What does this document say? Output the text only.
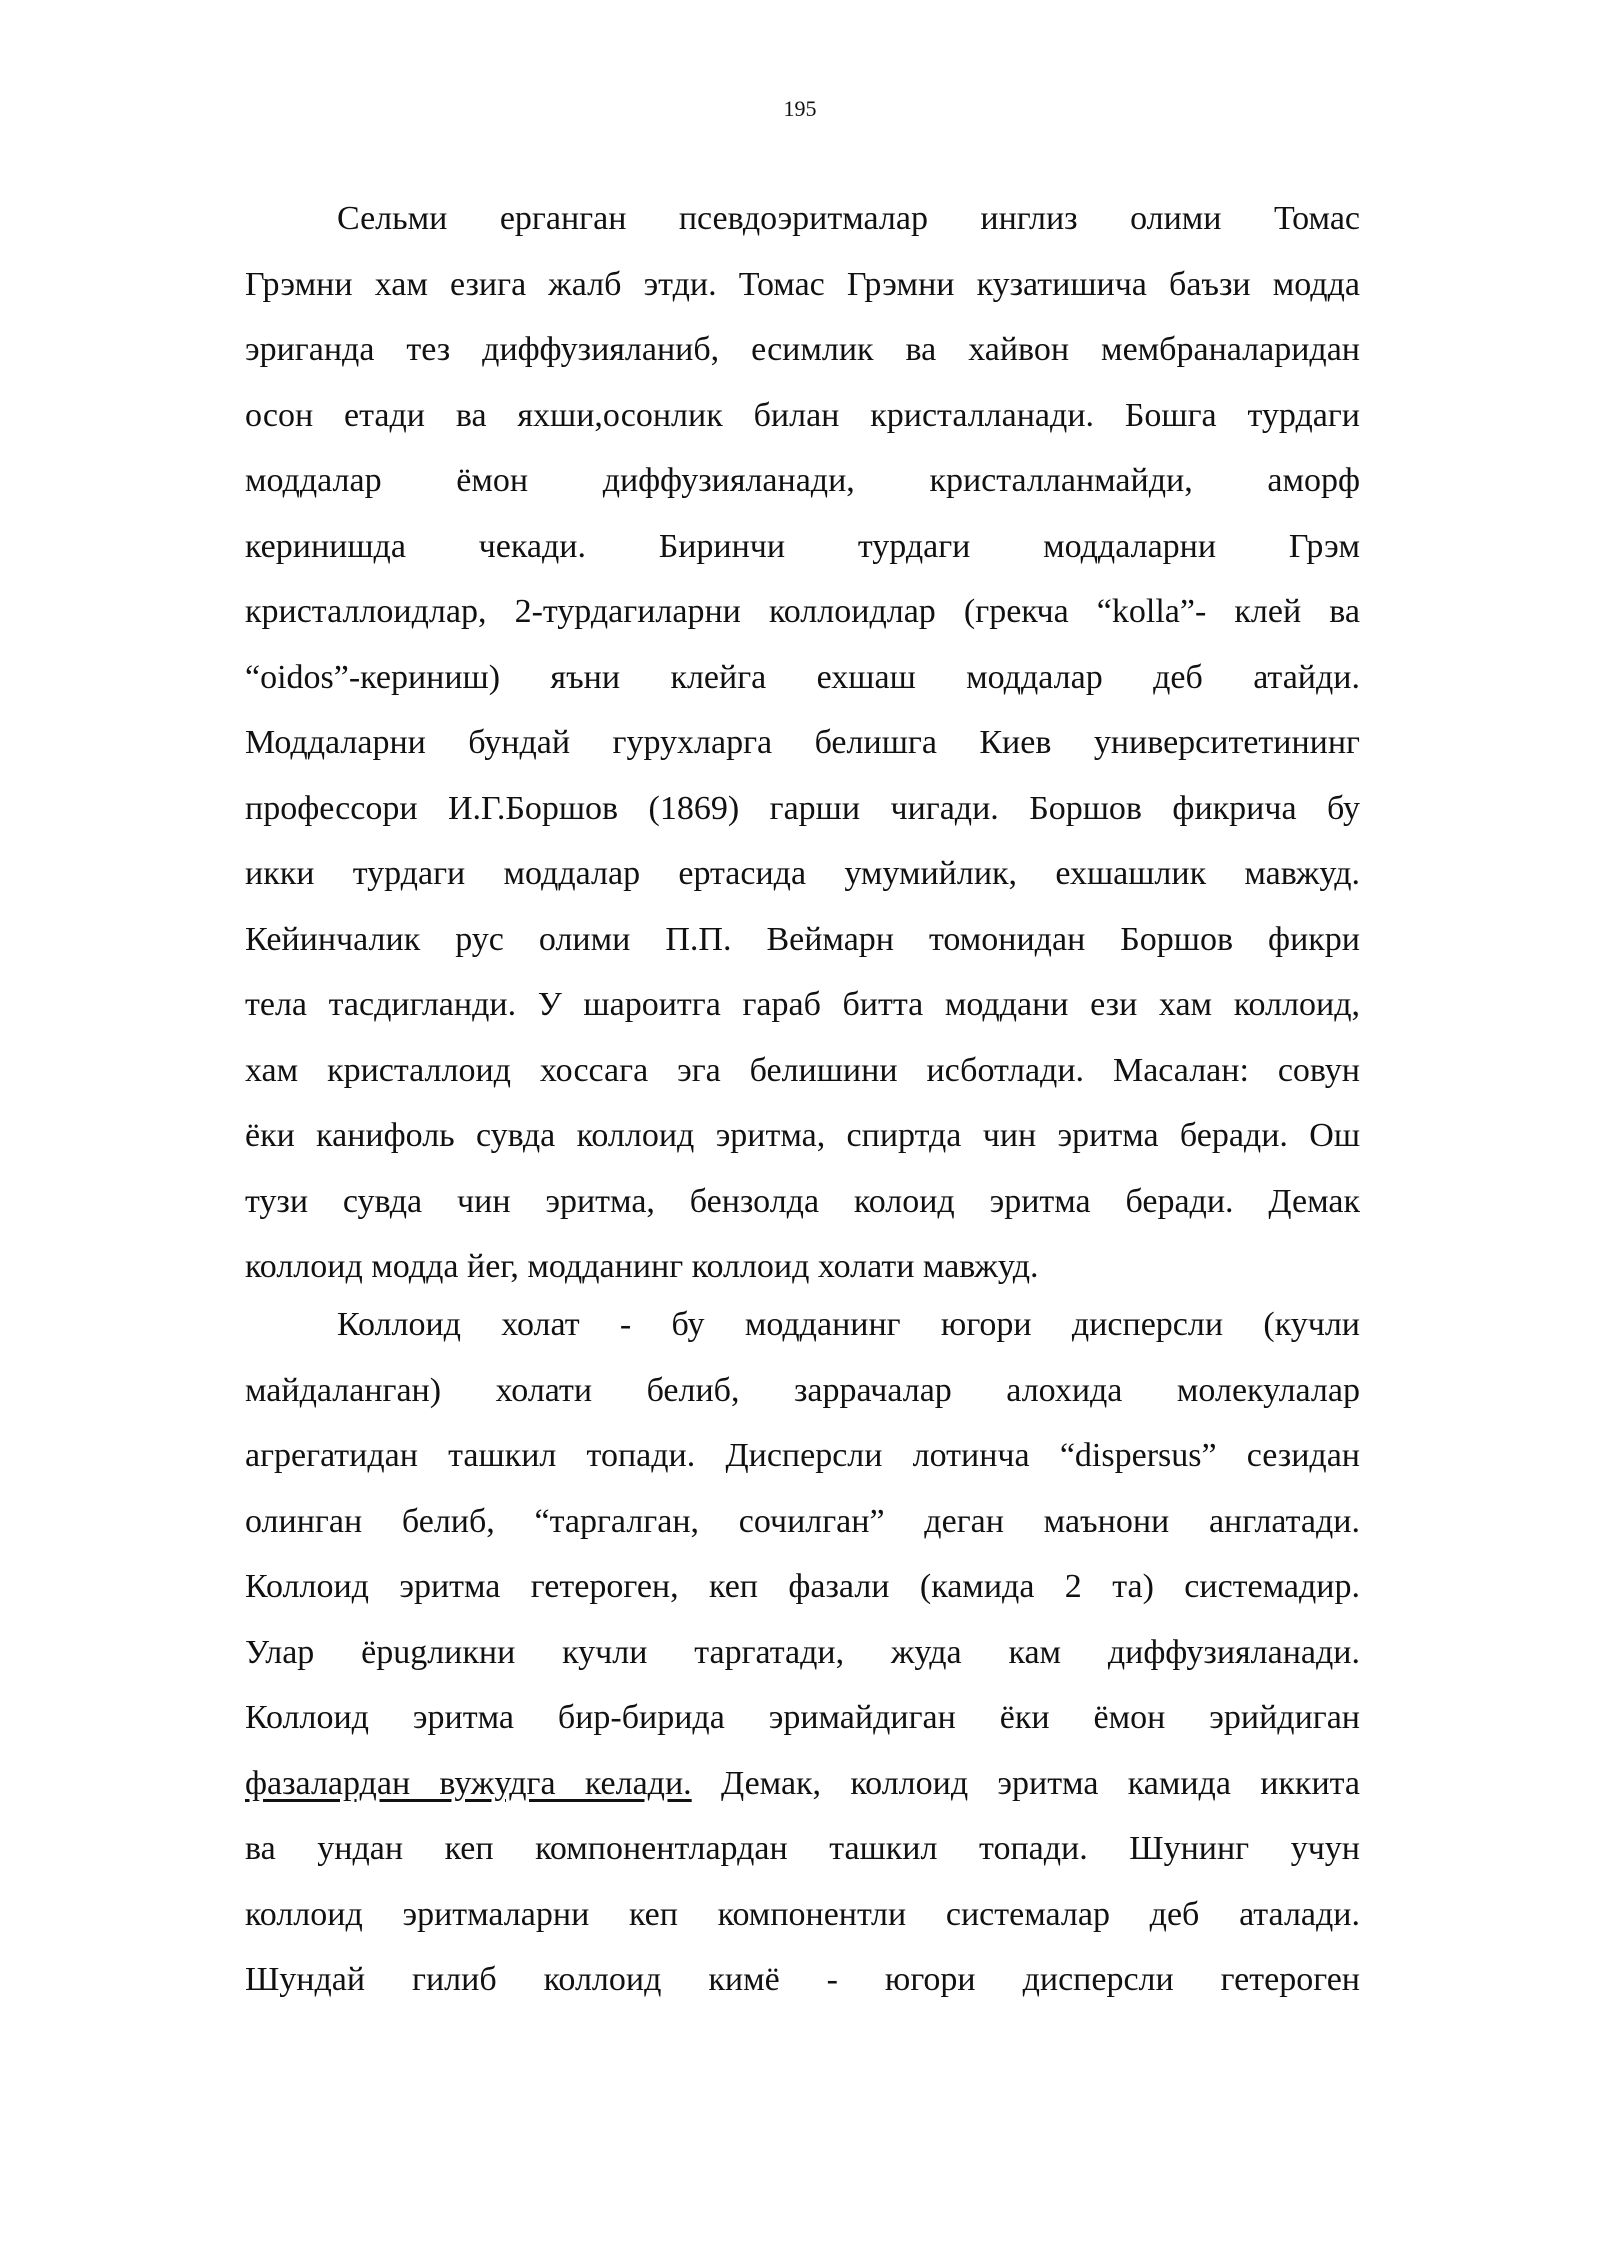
195
Сельми ерганган псевдоэритмалар инглиз олими Томас
Грэмни хам езига жалб этди. Томас Грэмни кузатишича баъзи модда
эриганда тез диффузияланиб, есимлик ва хайвон мембраналаридан
осон етади ва яхши,осонлик билан кристалланади. Бошга турдаги
моддалар ёмон диффузияланади, кристалланмайди, аморф
керинишда чекади. Биринчи турдаги моддаларни Грэм
кристаллоидлар, 2-турдагиларни коллоидлар (грекча “kolla”- клей ва
“oidos”-кериниш) яъни клейга ехшаш моддалар деб атайди.
Моддаларни бундай гурухларга белишга Киев университетининг
профессори И.Г.Боршов (1869) гарши чигади. Боршов фикрича бу
икки турдаги моддалар ертасида умумийлик, ехшашлик мавжуд.
Кейинчалик рус олими П.П. Веймарн томонидан Боршов фикри
тела тасдигланди. У шароитга гараб битта моддани ези хам коллоид,
хам кристаллоид хоссага эга белишини исботлади. Масалан: совун
ёки канифоль сувда коллоид эритма, спиртда чин эритма беради. Ош
тузи сувда чин эритма, бензолда колоид эритма беради. Демак
коллоид модда йег, модданинг коллоид холати мавжуд.
Коллоид холат - бу модданинг югори дисперсли (кучли
майдаланган) холати белиб, заррачалар алохида молекулалар
агрегатидан ташкил топади. Дисперсли лотинча “dispersus” сезидан
олинган белиб, “таргалган, сочилган” деган маънони англатади.
Коллоид эритма гетероген, кеп фазали (камида 2 та) системадир.
Улар ёрugликни кучли таргатади, жуда кам диффузияланади.
Коллоид эритма бир-бирида эримайдиган ёки ёмон эрийдиган
фазалардан вужудга келади. Демак, коллоид эритма камида иккита
ва ундан кеп компонентлардан ташкил топади. Шунинг учун
коллоид эритмаларни кеп компонентли системалар деб аталади.
Шундай гилиб коллоид кимё - югори дисперсли гетероген
